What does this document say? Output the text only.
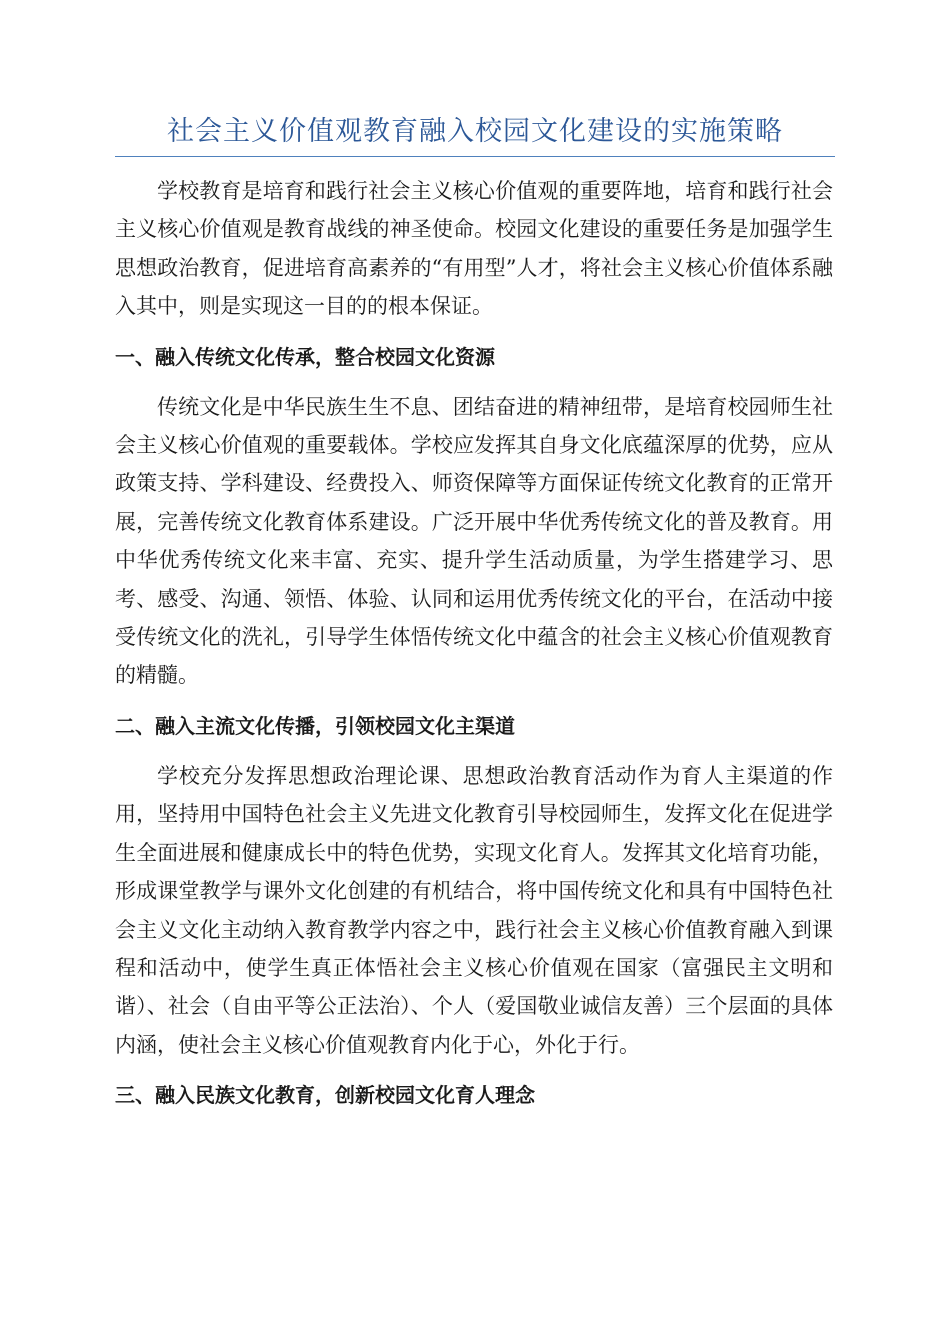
社会主义价值观教育融入校园文化建设的实施策略

学校教育是培育和践行社会主义核心价值观的重要阵地，培育和践行社会主义核心价值观是教育战线的神圣使命。校园文化建设的重要任务是加强学生思想政治教育，促进培育高素养的“有用型”人才，将社会主义核心价值体系融入其中，则是实现这一目的的根本保证。

一、融入传统文化传承，整合校园文化资源

传统文化是中华民族生生不息、团结奋进的精神纽带，是培育校园师生社会主义核心价值观的重要载体。学校应发挥其自身文化底蕴深厚的优势，应从政策支持、学科建设、经费投入、师资保障等方面保证传统文化教育的正常开展，完善传统文化教育体系建设。广泛开展中华优秀传统文化的普及教育。用中华优秀传统文化来丰富、充实、提升学生活动质量，为学生搭建学习、思考、感受、沟通、领悟、体验、认同和运用优秀传统文化的平台，在活动中接受传统文化的洗礼，引导学生体悟传统文化中蕴含的社会主义核心价值观教育的精髓。

二、融入主流文化传播，引领校园文化主渠道

学校充分发挥思想政治理论课、思想政治教育活动作为育人主渠道的作用，坚持用中国特色社会主义先进文化教育引导校园师生，发挥文化在促进学生全面进展和健康成长中的特色优势，实现文化育人。发挥其文化培育功能，形成课堂教学与课外文化创建的有机结合，将中国传统文化和具有中国特色社会主义文化主动纳入教育教学内容之中，践行社会主义核心价值教育融入到课程和活动中，使学生真正体悟社会主义核心价值观在国家（富强民主文明和谐）、社会（自由平等公正法治）、个人（爱国敬业诚信友善）三个层面的具体内涵，使社会主义核心价值观教育内化于心，外化于行。

三、融入民族文化教育，创新校园文化育人理念
